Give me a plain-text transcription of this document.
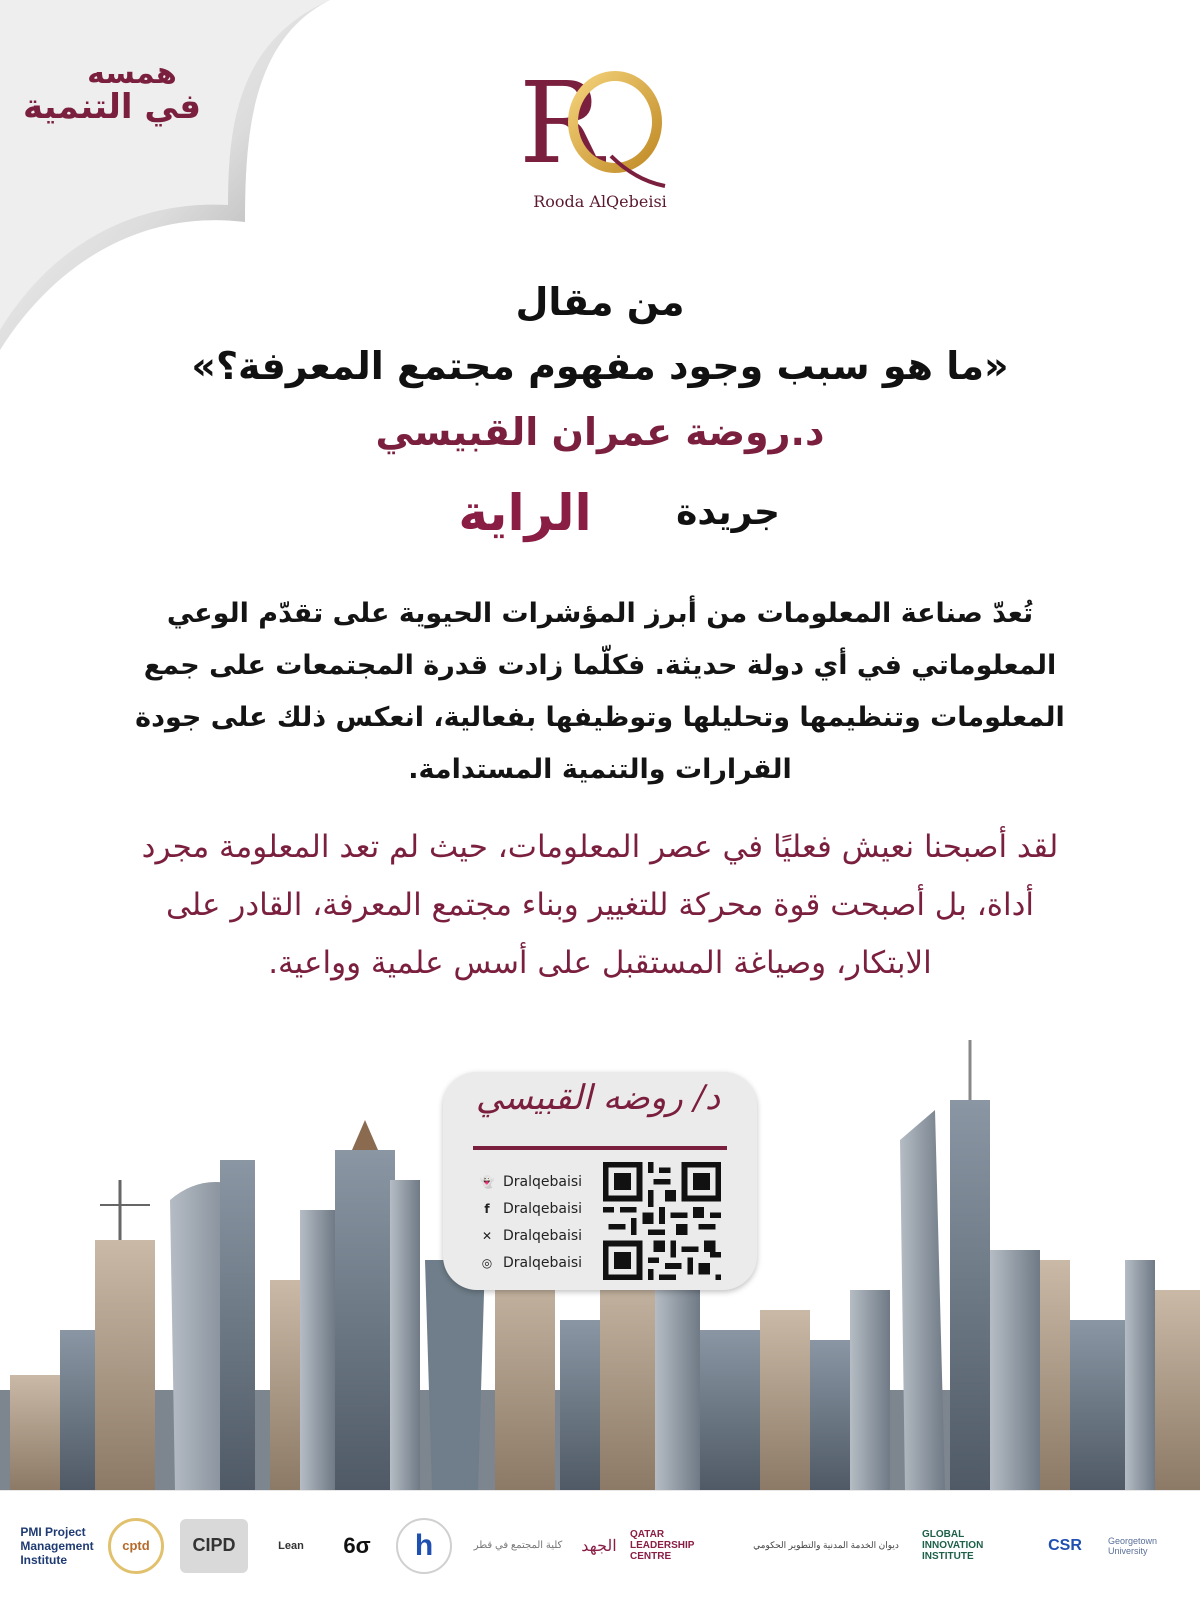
همسه
في التنمية	R
Rooda AlQebeisi
من مقال
«ما هو سبب وجود مفهوم مجتمع المعرفة؟»
د.روضة عمران القبيسي
جريدة
الراية
تُعدّ صناعة المعلومات من أبرز المؤشرات الحيوية على تقدّم الوعي المعلوماتي في أي دولة حديثة. فكلّما زادت قدرة المجتمعات على جمع المعلومات وتنظيمها وتحليلها وتوظيفها بفعالية، انعكس ذلك على جودة القرارات والتنمية المستدامة.
لقد أصبحنا نعيش فعليًا في عصر المعلومات، حيث لم تعد المعلومة مجرد أداة، بل أصبحت قوة محركة للتغيير وبناء مجتمع المعرفة، القادر على الابتكار، وصياغة المستقبل على أسس علمية وواعية.
د/ روضه القبيسي
👻 Dralqebaisi
f Dralqebaisi
✕ Dralqebaisi
◎ Dralqebaisi
PMI Project Management Institute
cptd	CIPD	Lean	6σ	h	كلية المجتمع في قطر	الجهد
QATAR LEADERSHIP CENTRE
ديوان الخدمة المدنية والتطوير الحكومي
GLOBAL INNOVATION INSTITUTE
CSR	Georgetown University
